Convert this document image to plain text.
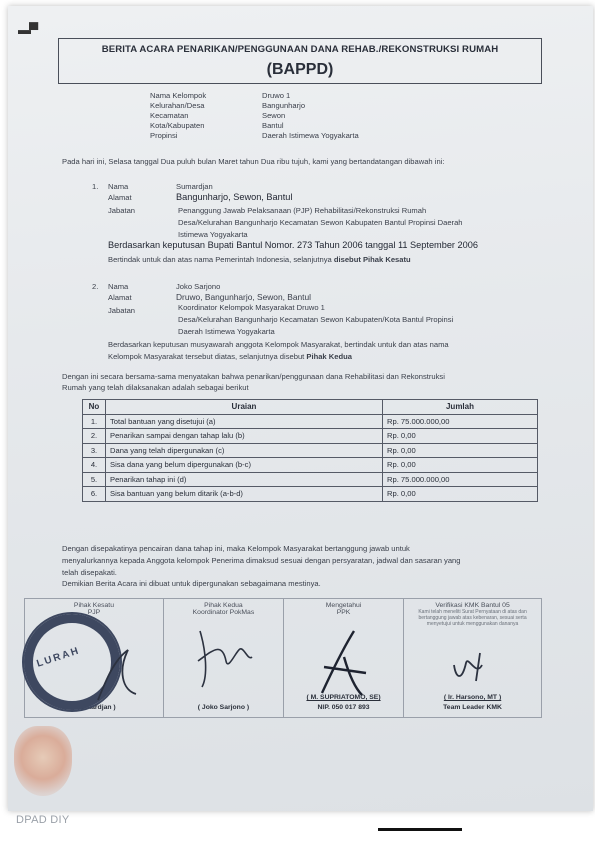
▬▀
BERITA ACARA PENARIKAN/PENGGUNAAN DANA REHAB./REKONSTRUKSI RUMAH
(BAPPD)
Nama Kelompok	Druwo 1
Kelurahan/Desa	Bangunharjo
Kecamatan	Sewon
Kota/Kabupaten	Bantul
Propinsi	Daerah Istimewa Yogyakarta
Pada hari ini, Selasa tanggal Dua puluh bulan Maret tahun Dua ribu tujuh, kami yang bertandatangan dibawah ini:
1. Nama	Sumardjan
Alamat	Bangunharjo, Sewon, Bantul
Jabatan	Penanggung Jawab Pelaksanaan (PJP) Rehabilitasi/Rekonstruksi Rumah
Desa/Kelurahan Bangunharjo Kecamatan Sewon Kabupaten Bantul Propinsi Daerah
Istimewa Yogyakarta
Berdasarkan keputusan Bupati Bantul Nomor. 273 Tahun 2006 tanggal 11 September 2006
Bertindak untuk dan atas nama Pemerintah Indonesia, selanjutnya disebut Pihak Kesatu
2. Nama	Joko Sarjono
Alamat	Druwo, Bangunharjo, Sewon, Bantul
Jabatan	Koordinator Kelompok Masyarakat Druwo 1
Desa/Kelurahan Bangunharjo Kecamatan Sewon Kabupaten/Kota Bantul Propinsi
Daerah Istimewa Yogyakarta
Berdasarkan keputusan musyawarah anggota Kelompok Masyarakat, bertindak untuk dan atas nama
Kelompok Masyarakat tersebut diatas, selanjutnya disebut Pihak Kedua
Dengan ini secara bersama-sama menyatakan bahwa penarikan/penggunaan dana Rehabilitasi dan Rekonstruksi
Rumah yang telah dilaksanakan adalah sebagai berikut
No	Uraian	Jumlah
1.	Total bantuan yang disetujui (a)	Rp. 75.000.000,00
2.	Penarikan sampai dengan tahap lalu (b)	Rp. 0,00
3.	Dana yang telah dipergunakan (c)	Rp. 0,00
4.	Sisa dana yang belum dipergunakan (b-c)	Rp. 0,00
5.	Penarikan tahap ini (d)	Rp. 75.000.000,00
6.	Sisa bantuan yang belum ditarik (a-b-d)	Rp. 0,00
Dengan disepakatinya pencairan dana tahap ini, maka Kelompok Masyarakat bertanggung jawab untuk
menyalurkannya kepada Anggota kelompok Penerima dimaksud sesuai dengan persyaratan, jadwal dan sasaran yang
telah disepakati.
Demikian Berita Acara ini dibuat untuk dipergunakan sebagaimana mestinya.
Pihak Kesatu
PJP
( Sumardjan )

Pihak Kedua
Koordinator PokMas
( Joko Sarjono )

Mengetahui
PPK
( M. SUPRIATOMO, SE)
NIP. 050 017 893

Verifikasi KMK Bantul 05
Kami telah meneliti Surat Pernyataan di atas dan bertanggung jawab atas kebenaran, sesuai serta menyetujui untuk menggunakan dananya
( Ir. Harsono, MT )
Team Leader KMK
LURAH
DPAD DIY
